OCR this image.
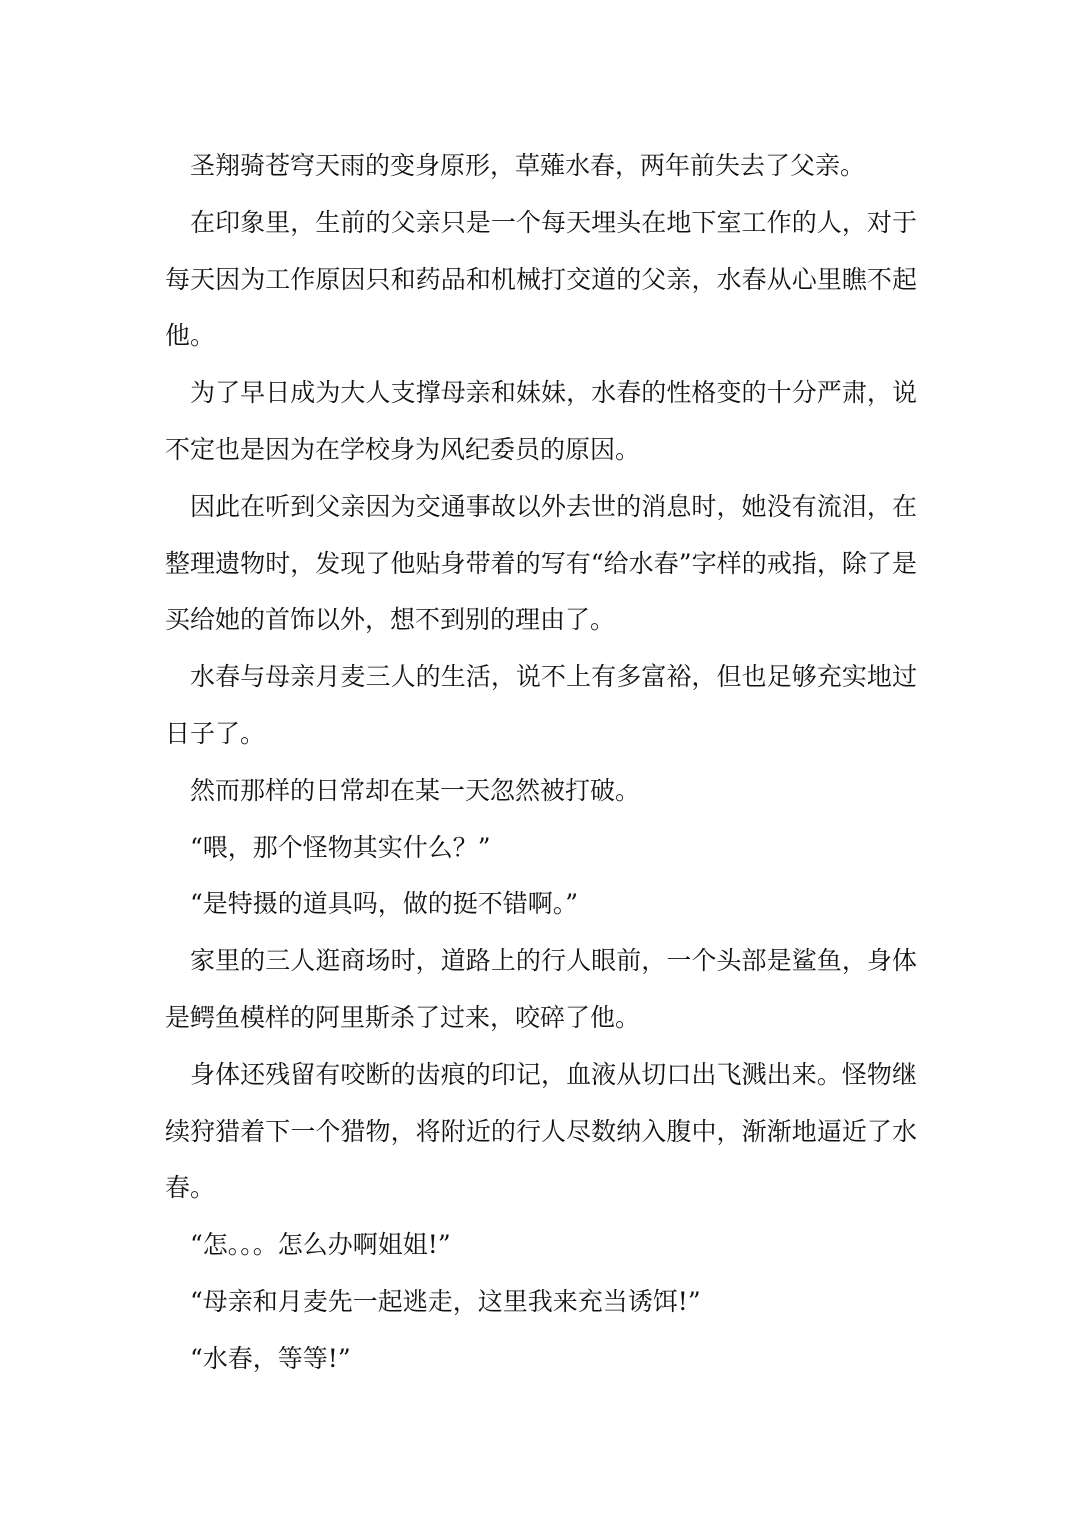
圣翔骑苍穹天雨的变身原形，草薙水春，两年前失去了父亲。

在印象里，生前的父亲只是一个每天埋头在地下室工作的人，对于每天因为工作原因只和药品和机械打交道的父亲，水春从心里瞧不起他。

为了早日成为大人支撑母亲和妹妹，水春的性格变的十分严肃，说不定也是因为在学校身为风纪委员的原因。

因此在听到父亲因为交通事故以外去世的消息时，她没有流泪，在整理遗物时，发现了他贴身带着的写有“给水春”字样的戒指，除了是买给她的首饰以外，想不到别的理由了。

水春与母亲月麦三人的生活，说不上有多富裕，但也足够充实地过日子了。

然而那样的日常却在某一天忽然被打破。

“喂，那个怪物其实什么？”

“是特摄的道具吗，做的挺不错啊。”

家里的三人逛商场时，道路上的行人眼前，一个头部是鲨鱼，身体是鳄鱼模样的阿里斯杀了过来，咬碎了他。

身体还残留有咬断的齿痕的印记，血液从切口出飞溅出来。怪物继续狩猎着下一个猎物，将附近的行人尽数纳入腹中，渐渐地逼近了水春。

“怎。。。怎么办啊姐姐!”

“母亲和月麦先一起逃走，这里我来充当诱饵!”

“水春，等等!”
